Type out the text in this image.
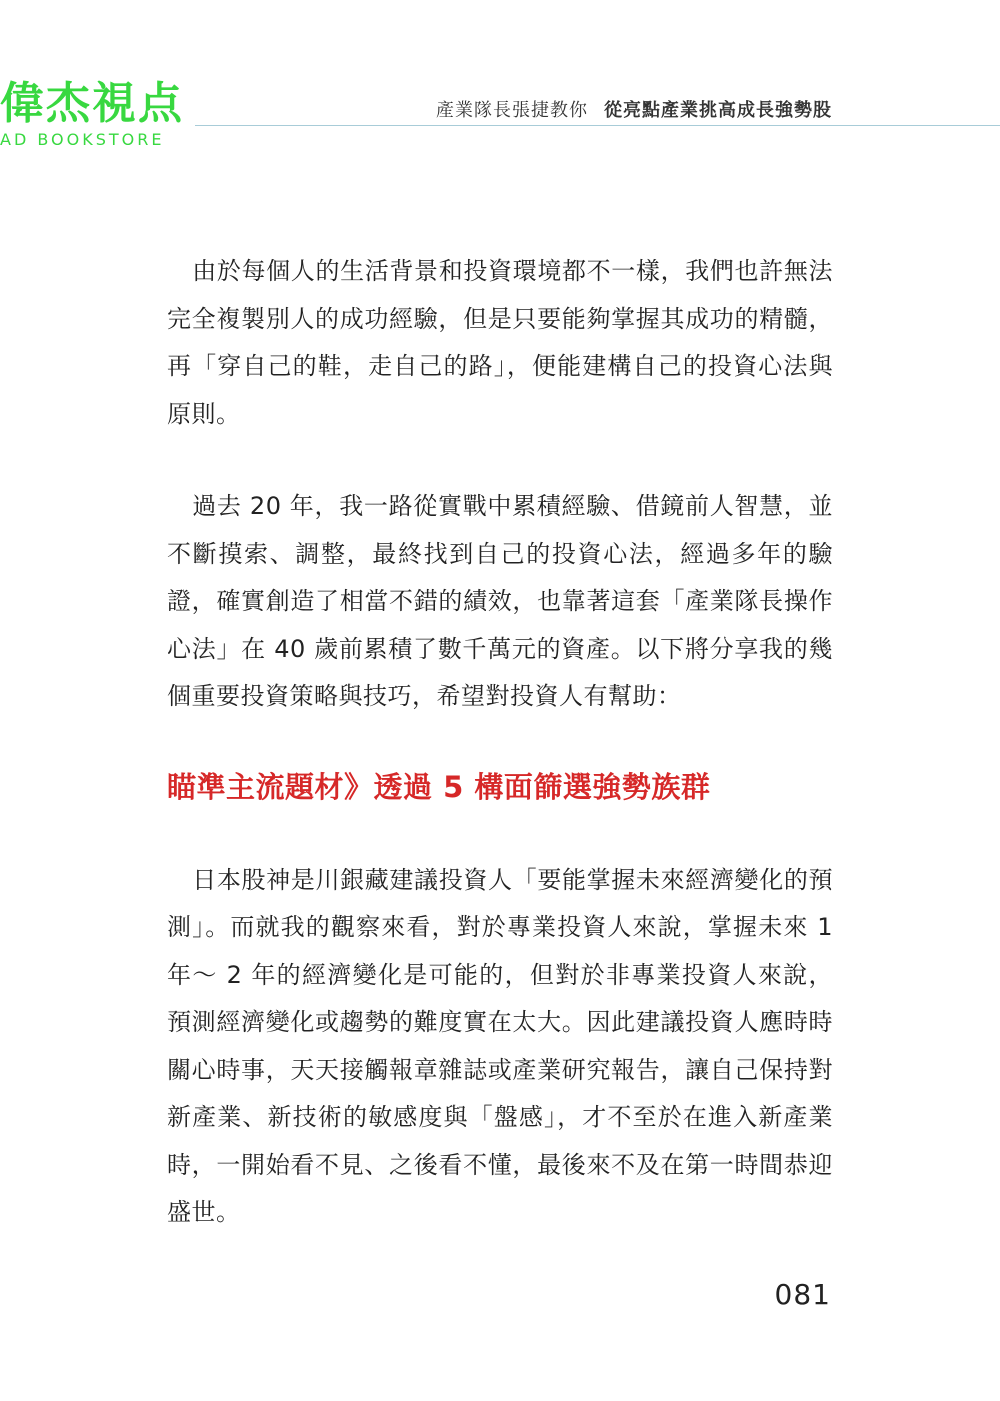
偉杰視点
AD BOOKSTORE
產業隊長張捷教你 從亮點產業挑高成長強勢股

由於每個人的生活背景和投資環境都不一樣，我們也許無法完全複製別人的成功經驗，但是只要能夠掌握其成功的精髓，再「穿自己的鞋，走自己的路」，便能建構自己的投資心法與原則。

過去 20 年，我一路從實戰中累積經驗、借鏡前人智慧，並不斷摸索、調整，最終找到自己的投資心法，經過多年的驗證，確實創造了相當不錯的績效，也靠著這套「產業隊長操作心法」在 40 歲前累積了數千萬元的資產。以下將分享我的幾個重要投資策略與技巧，希望對投資人有幫助：

瞄準主流題材》透過 5 構面篩選強勢族群

日本股神是川銀藏建議投資人「要能掌握未來經濟變化的預測」。而就我的觀察來看，對於專業投資人來說，掌握未來 1 年～ 2 年的經濟變化是可能的，但對於非專業投資人來說，預測經濟變化或趨勢的難度實在太大。因此建議投資人應時時關心時事，天天接觸報章雜誌或產業研究報告，讓自己保持對新產業、新技術的敏感度與「盤感」，才不至於在進入新產業時，一開始看不見、之後看不懂，最後來不及在第一時間恭迎盛世。

081
